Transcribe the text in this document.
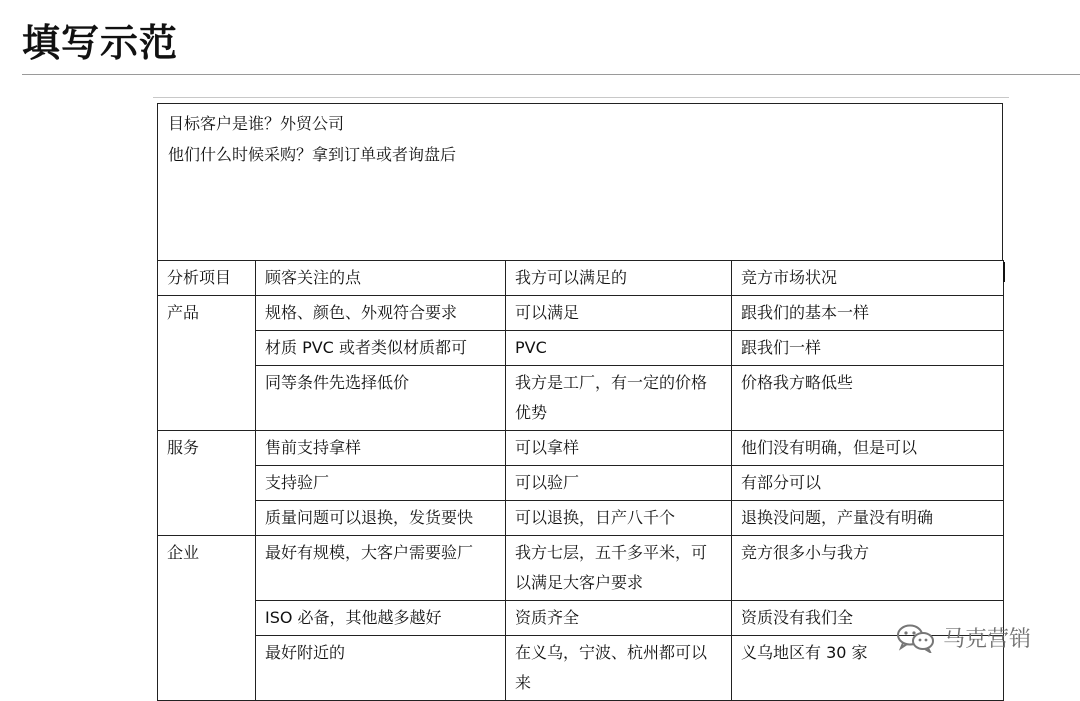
填写示范
目标客户是谁？外贸公司
他们什么时候采购？拿到订单或者询盘后
分析项目	顾客关注的点	我方可以满足的	竞方市场状况
产品	规格、颜色、外观符合要求	可以满足	跟我们的基本一样
	材质 PVC 或者类似材质都可	PVC	跟我们一样
	同等条件先选择低价	我方是工厂，有一定的价格优势	价格我方略低些
服务	售前支持拿样	可以拿样	他们没有明确，但是可以
	支持验厂	可以验厂	有部分可以
	质量问题可以退换，发货要快	可以退换，日产八千个	退换没问题，产量没有明确
企业	最好有规模，大客户需要验厂	我方七层，五千多平米，可以满足大客户要求	竞方很多小与我方
	ISO 必备，其他越多越好	资质齐全	资质没有我们全
	最好附近的	在义乌，宁波、杭州都可以来	义乌地区有 30 家
马克营销
